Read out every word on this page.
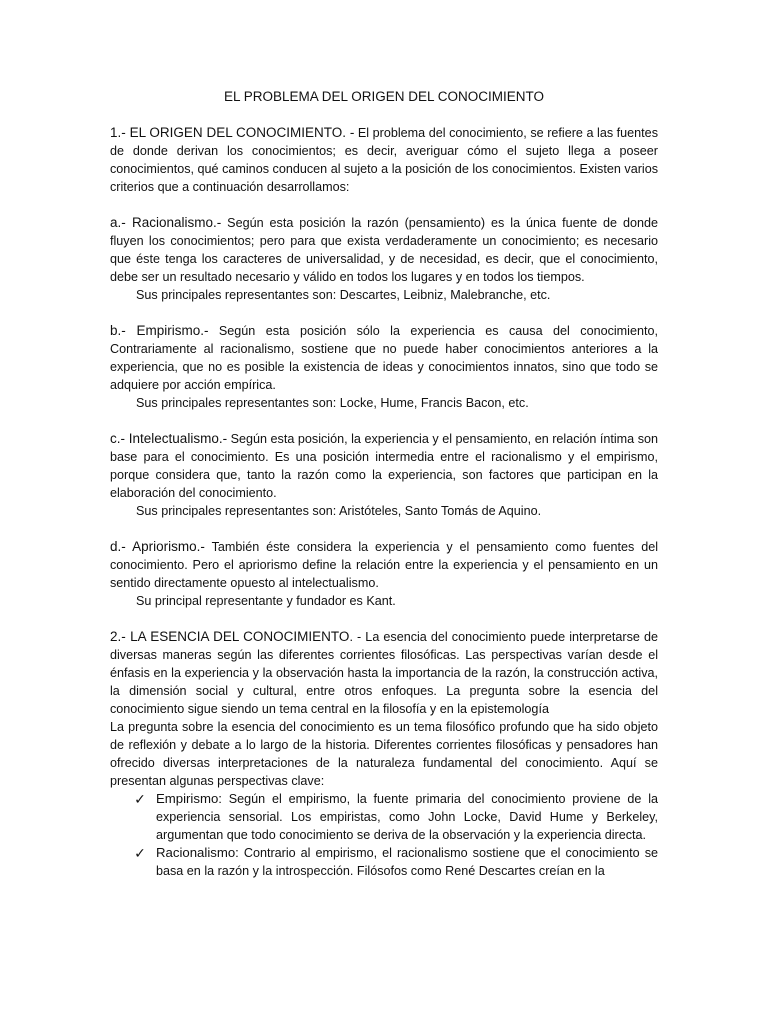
EL PROBLEMA DEL ORIGEN DEL CONOCIMIENTO

1.- EL ORIGEN DEL CONOCIMIENTO. - El problema del conocimiento, se refiere a las fuentes de donde derivan los conocimientos; es decir, averiguar cómo el sujeto llega a poseer conocimientos, qué caminos conducen al sujeto a la posición de los conocimientos. Existen varios criterios que a continuación desarrollamos:

a.- Racionalismo.- Según esta posición la razón (pensamiento) es la única fuente de donde fluyen los conocimientos; pero para que exista verdaderamente un conocimiento; es necesario que éste tenga los caracteres de universalidad, y de necesidad, es decir, que el conocimiento, debe ser un resultado necesario y válido en todos los lugares y en todos los tiempos.

Sus principales representantes son: Descartes, Leibniz, Malebranche, etc.

b.- Empirismo.- Según esta posición sólo la experiencia es causa del conocimiento, Contrariamente al racionalismo, sostiene que no puede haber conocimientos anteriores a la experiencia, que no es posible la existencia de ideas y conocimientos innatos, sino que todo se adquiere por acción empírica.

Sus principales representantes son: Locke, Hume, Francis Bacon, etc.

c.- Intelectualismo.- Según esta posición, la experiencia y el pensamiento, en relación íntima son base para el conocimiento. Es una posición intermedia entre el racionalismo y el empirismo, porque considera que, tanto la razón como la experiencia, son factores que participan en la elaboración del conocimiento.

Sus principales representantes son: Aristóteles, Santo Tomás de Aquino.

d.- Apriorismo.- También éste considera la experiencia y el pensamiento como fuentes del conocimiento. Pero el apriorismo define la relación entre la experiencia y el pensamiento en un sentido directamente opuesto al intelectualismo.

Su principal representante y fundador es Kant.

2.- LA ESENCIA DEL CONOCIMIENTO. - La esencia del conocimiento puede interpretarse de diversas maneras según las diferentes corrientes filosóficas. Las perspectivas varían desde el énfasis en la experiencia y la observación hasta la importancia de la razón, la construcción activa, la dimensión social y cultural, entre otros enfoques. La pregunta sobre la esencia del conocimiento sigue siendo un tema central en la filosofía y en la epistemología

La pregunta sobre la esencia del conocimiento es un tema filosófico profundo que ha sido objeto de reflexión y debate a lo largo de la historia. Diferentes corrientes filosóficas y pensadores han ofrecido diversas interpretaciones de la naturaleza fundamental del conocimiento. Aquí se presentan algunas perspectivas clave:

✓ Empirismo: Según el empirismo, la fuente primaria del conocimiento proviene de la experiencia sensorial. Los empiristas, como John Locke, David Hume y Berkeley, argumentan que todo conocimiento se deriva de la observación y la experiencia directa.
✓ Racionalismo: Contrario al empirismo, el racionalismo sostiene que el conocimiento se basa en la razón y la introspección. Filósofos como René Descartes creían en la
